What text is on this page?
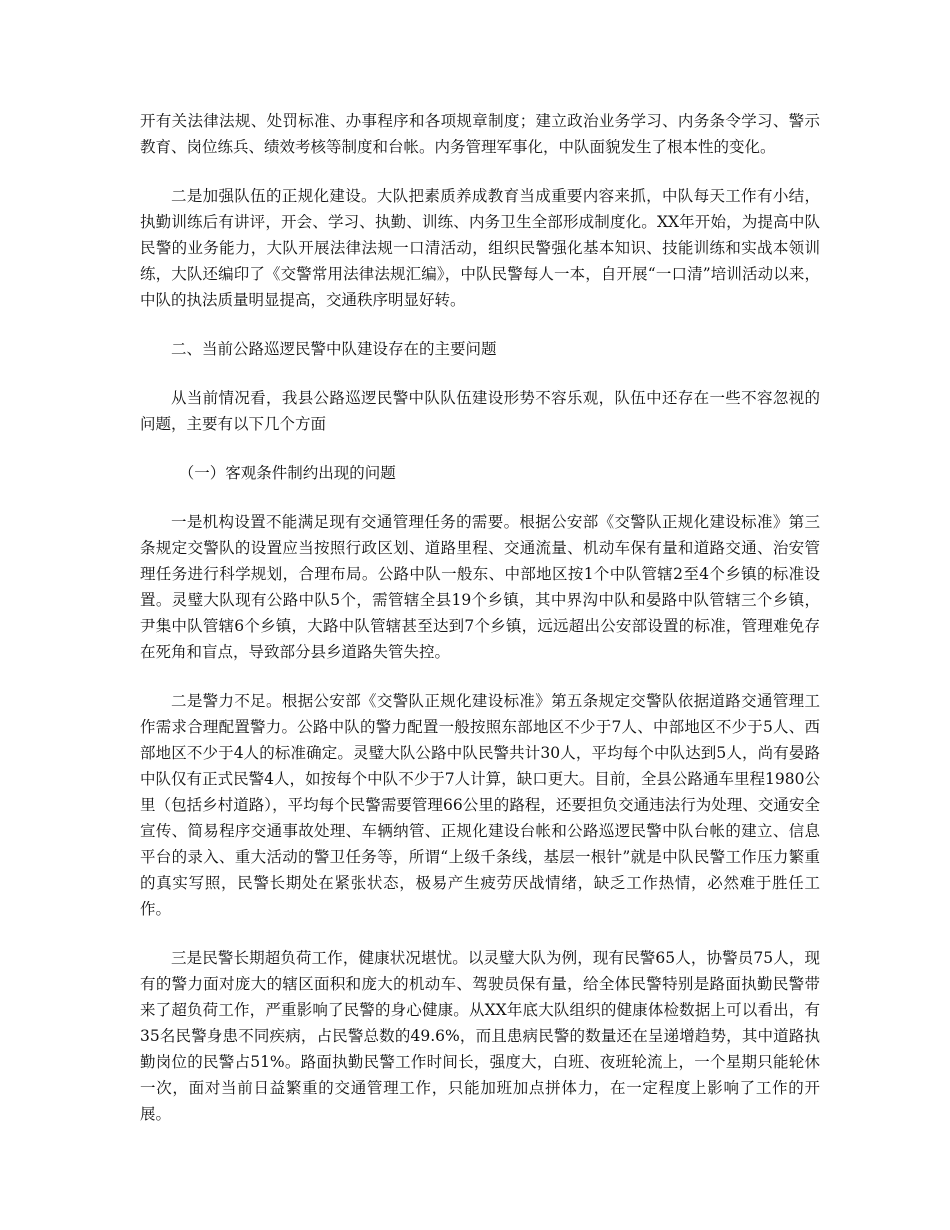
开有关法律法规、处罚标准、办事程序和各项规章制度；建立政治业务学习、内务条令学习、警示教育、岗位练兵、绩效考核等制度和台帐。内务管理军事化，中队面貌发生了根本性的变化。

二是加强队伍的正规化建设。大队把素质养成教育当成重要内容来抓，中队每天工作有小结，执勤训练后有讲评，开会、学习、执勤、训练、内务卫生全部形成制度化。XX年开始，为提高中队民警的业务能力，大队开展法律法规一口清活动，组织民警强化基本知识、技能训练和实战本领训练，大队还编印了《交警常用法律法规汇编》，中队民警每人一本，自开展“一口清”培训活动以来，中队的执法质量明显提高，交通秩序明显好转。

二、当前公路巡逻民警中队建设存在的主要问题

从当前情况看，我县公路巡逻民警中队队伍建设形势不容乐观，队伍中还存在一些不容忽视的问题，主要有以下几个方面

（一）客观条件制约出现的问题

一是机构设置不能满足现有交通管理任务的需要。根据公安部《交警队正规化建设标准》第三条规定交警队的设置应当按照行政区划、道路里程、交通流量、机动车保有量和道路交通、治安管理任务进行科学规划，合理布局。公路中队一般东、中部地区按1个中队管辖2至4个乡镇的标准设置。灵璧大队现有公路中队5个，需管辖全县19个乡镇，其中界沟中队和晏路中队管辖三个乡镇，尹集中队管辖6个乡镇，大路中队管辖甚至达到7个乡镇，远远超出公安部设置的标准，管理难免存在死角和盲点，导致部分县乡道路失管失控。

二是警力不足。根据公安部《交警队正规化建设标准》第五条规定交警队依据道路交通管理工作需求合理配置警力。公路中队的警力配置一般按照东部地区不少于7人、中部地区不少于5人、西部地区不少于4人的标准确定。灵璧大队公路中队民警共计30人，平均每个中队达到5人，尚有晏路中队仅有正式民警4人，如按每个中队不少于7人计算，缺口更大。目前，全县公路通车里程1980公里（包括乡村道路），平均每个民警需要管理66公里的路程，还要担负交通违法行为处理、交通安全宣传、简易程序交通事故处理、车辆纳管、正规化建设台帐和公路巡逻民警中队台帐的建立、信息平台的录入、重大活动的警卫任务等，所谓“上级千条线，基层一根针”就是中队民警工作压力繁重的真实写照，民警长期处在紧张状态，极易产生疲劳厌战情绪，缺乏工作热情，必然难于胜任工作。

三是民警长期超负荷工作，健康状况堪忧。以灵璧大队为例，现有民警65人，协警员75人，现有的警力面对庞大的辖区面积和庞大的机动车、驾驶员保有量，给全体民警特别是路面执勤民警带来了超负荷工作，严重影响了民警的身心健康。从XX年底大队组织的健康体检数据上可以看出，有35名民警身患不同疾病，占民警总数的49.6%，而且患病民警的数量还在呈递增趋势，其中道路执勤岗位的民警占51%。路面执勤民警工作时间长，强度大，白班、夜班轮流上，一个星期只能轮休一次，面对当前日益繁重的交通管理工作，只能加班加点拼体力，在一定程度上影响了工作的开展。
